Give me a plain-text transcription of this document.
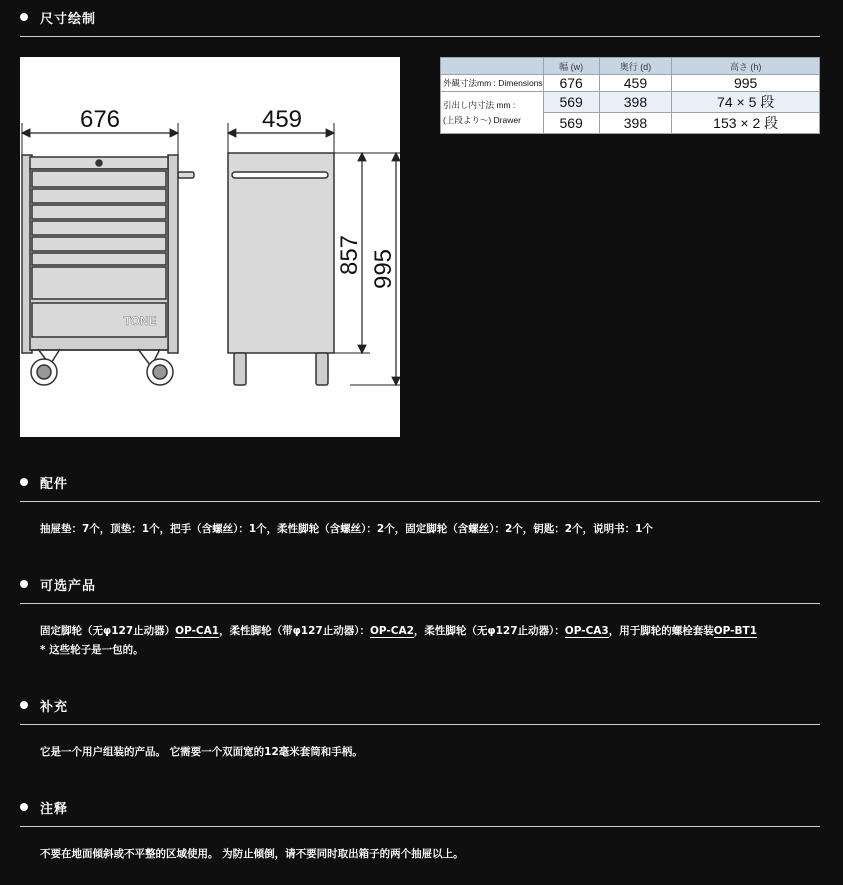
尺寸绘制
676	459
TONE
857 995
	幅 (w)	奥行 (d)	高さ (h)
外観寸法mm : Dimensions	676	459	995
引出し内寸法 mm :
(上段より～) Drawer	569	398	74 × 5 段
	569	398	153 × 2 段
配件
抽屉垫：7个，顶垫：1个，把手（含螺丝）：1个，柔性脚轮（含螺丝）：2个，固定脚轮（含螺丝）：2个，钥匙：2个，说明书：1个
可选产品
固定脚轮（无φ127止动器）OP-CA1，柔性脚轮（带φ127止动器）：OP-CA2，柔性脚轮（无φ127止动器）：OP-CA3，用于脚轮的螺栓套装OP-BT1
* 这些轮子是一包的。
补充
它是一个用户组装的产品。 它需要一个双面宽的12毫米套筒和手柄。
注释
不要在地面倾斜或不平整的区域使用。 为防止倾倒，请不要同时取出箱子的两个抽屉以上。
